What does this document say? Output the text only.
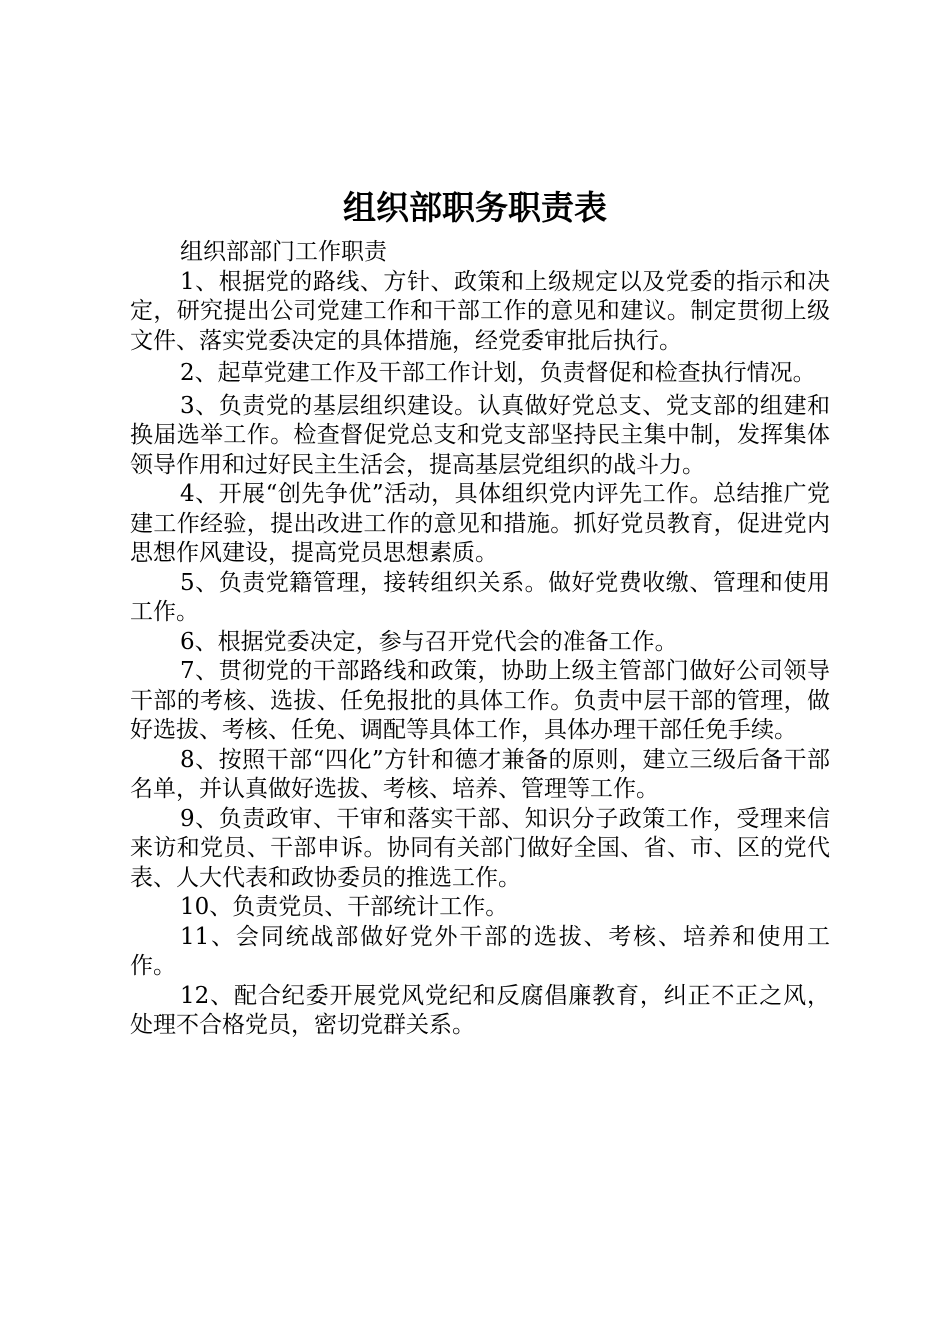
组织部职务职责表

组织部部门工作职责

1、根据党的路线、方针、政策和上级规定以及党委的指示和决定，研究提出公司党建工作和干部工作的意见和建议。制定贯彻上级文件、落实党委决定的具体措施，经党委审批后执行。

2、起草党建工作及干部工作计划，负责督促和检查执行情况。

3、负责党的基层组织建设。认真做好党总支、党支部的组建和换届选举工作。检查督促党总支和党支部坚持民主集中制，发挥集体领导作用和过好民主生活会，提高基层党组织的战斗力。

4、开展“创先争优”活动，具体组织党内评先工作。总结推广党建工作经验，提出改进工作的意见和措施。抓好党员教育，促进党内思想作风建设，提高党员思想素质。

5、负责党籍管理，接转组织关系。做好党费收缴、管理和使用工作。

6、根据党委决定，参与召开党代会的准备工作。

7、贯彻党的干部路线和政策，协助上级主管部门做好公司领导干部的考核、选拔、任免报批的具体工作。负责中层干部的管理，做好选拔、考核、任免、调配等具体工作，具体办理干部任免手续。

8、按照干部“四化”方针和德才兼备的原则，建立三级后备干部名单，并认真做好选拔、考核、培养、管理等工作。

9、负责政审、干审和落实干部、知识分子政策工作，受理来信来访和党员、干部申诉。协同有关部门做好全国、省、市、区的党代表、人大代表和政协委员的推选工作。

10、负责党员、干部统计工作。

11、会同统战部做好党外干部的选拔、考核、培养和使用工作。

12、配合纪委开展党风党纪和反腐倡廉教育，纠正不正之风，处理不合格党员，密切党群关系。
